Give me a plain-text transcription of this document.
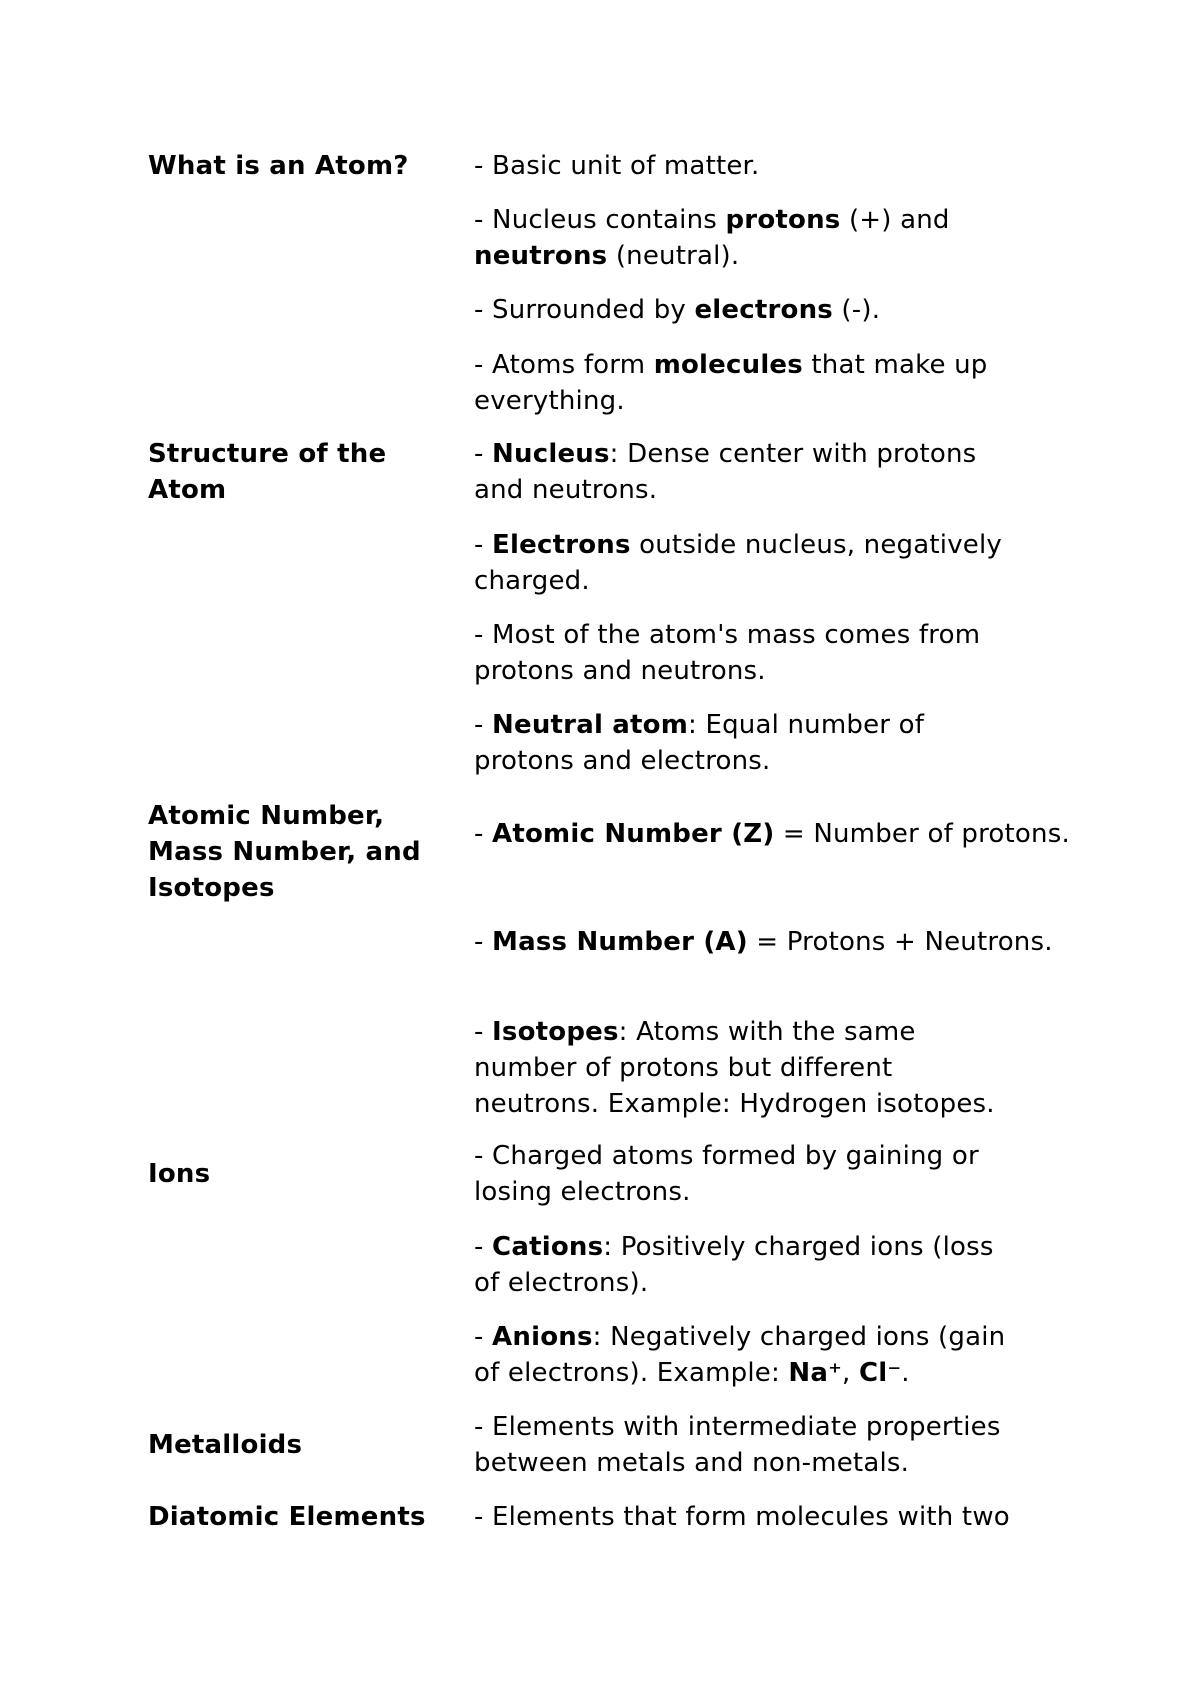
What is an Atom?	- Basic unit of matter.
- Nucleus contains protons (+) and neutrons (neutral).
- Surrounded by electrons (-).
- Atoms form molecules that make up everything.
Structure of the Atom
- Nucleus: Dense center with protons and neutrons.
- Electrons outside nucleus, negatively charged.
- Most of the atom's mass comes from protons and neutrons.
- Neutral atom: Equal number of protons and electrons.
Atomic Number, Mass Number, and Isotopes
- Atomic Number (Z) = Number of protons.
- Mass Number (A) = Protons + Neutrons.
- Isotopes: Atoms with the same number of protons but different neutrons. Example: Hydrogen isotopes.
Ions
- Charged atoms formed by gaining or losing electrons.
- Cations: Positively charged ions (loss of electrons).
- Anions: Negatively charged ions (gain of electrons). Example: Na⁺, Cl⁻.
Metalloids
- Elements with intermediate properties between metals and non-metals.
Diatomic Elements	- Elements that form molecules with two
